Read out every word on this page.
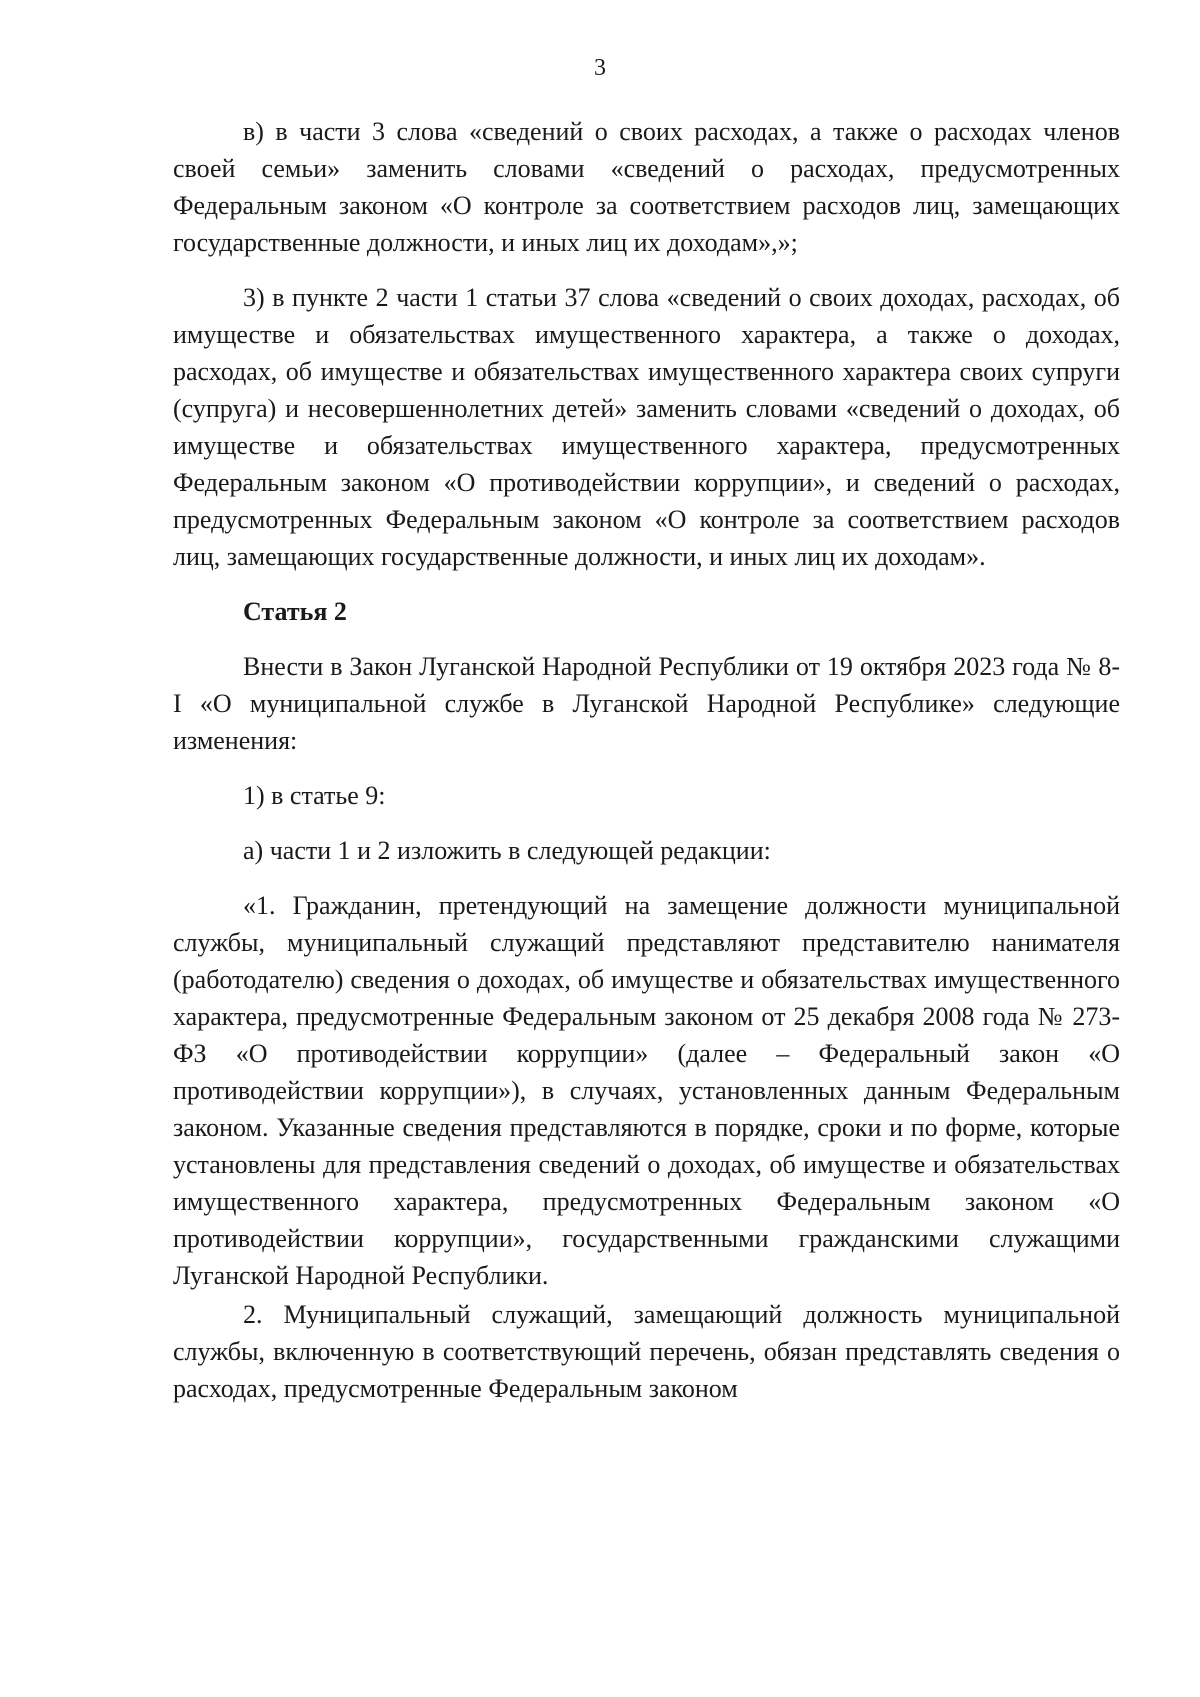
3

в) в части 3 слова «сведений о своих расходах, а также о расходах членов своей семьи» заменить словами «сведений о расходах, предусмотренных Федеральным законом «О контроле за соответствием расходов лиц, замещающих государственные должности, и иных лиц их доходам»,»;

3) в пункте 2 части 1 статьи 37 слова «сведений о своих доходах, расходах, об имуществе и обязательствах имущественного характера, а также о доходах, расходах, об имуществе и обязательствах имущественного характера своих супруги (супруга) и несовершеннолетних детей» заменить словами «сведений о доходах, об имуществе и обязательствах имущественного характера, предусмотренных Федеральным законом «О противодействии коррупции», и сведений о расходах, предусмотренных Федеральным законом «О контроле за соответствием расходов лиц, замещающих государственные должности, и иных лиц их доходам».

Статья 2

Внести в Закон Луганской Народной Республики от 19 октября 2023 года № 8-I «О муниципальной службе в Луганской Народной Республике» следующие изменения:

1) в статье 9:

а) части 1 и 2 изложить в следующей редакции:

«1. Гражданин, претендующий на замещение должности муниципальной службы, муниципальный служащий представляют представителю нанимателя (работодателю) сведения о доходах, об имуществе и обязательствах имущественного характера, предусмотренные Федеральным законом от 25 декабря 2008 года № 273-ФЗ «О противодействии коррупции» (далее – Федеральный закон «О противодействии коррупции»), в случаях, установленных данным Федеральным законом. Указанные сведения представляются в порядке, сроки и по форме, которые установлены для представления сведений о доходах, об имуществе и обязательствах имущественного характера, предусмотренных Федеральным законом «О противодействии коррупции», государственными гражданскими служащими Луганской Народной Республики.

2. Муниципальный служащий, замещающий должность муниципальной службы, включенную в соответствующий перечень, обязан представлять сведения о расходах, предусмотренные Федеральным законом
